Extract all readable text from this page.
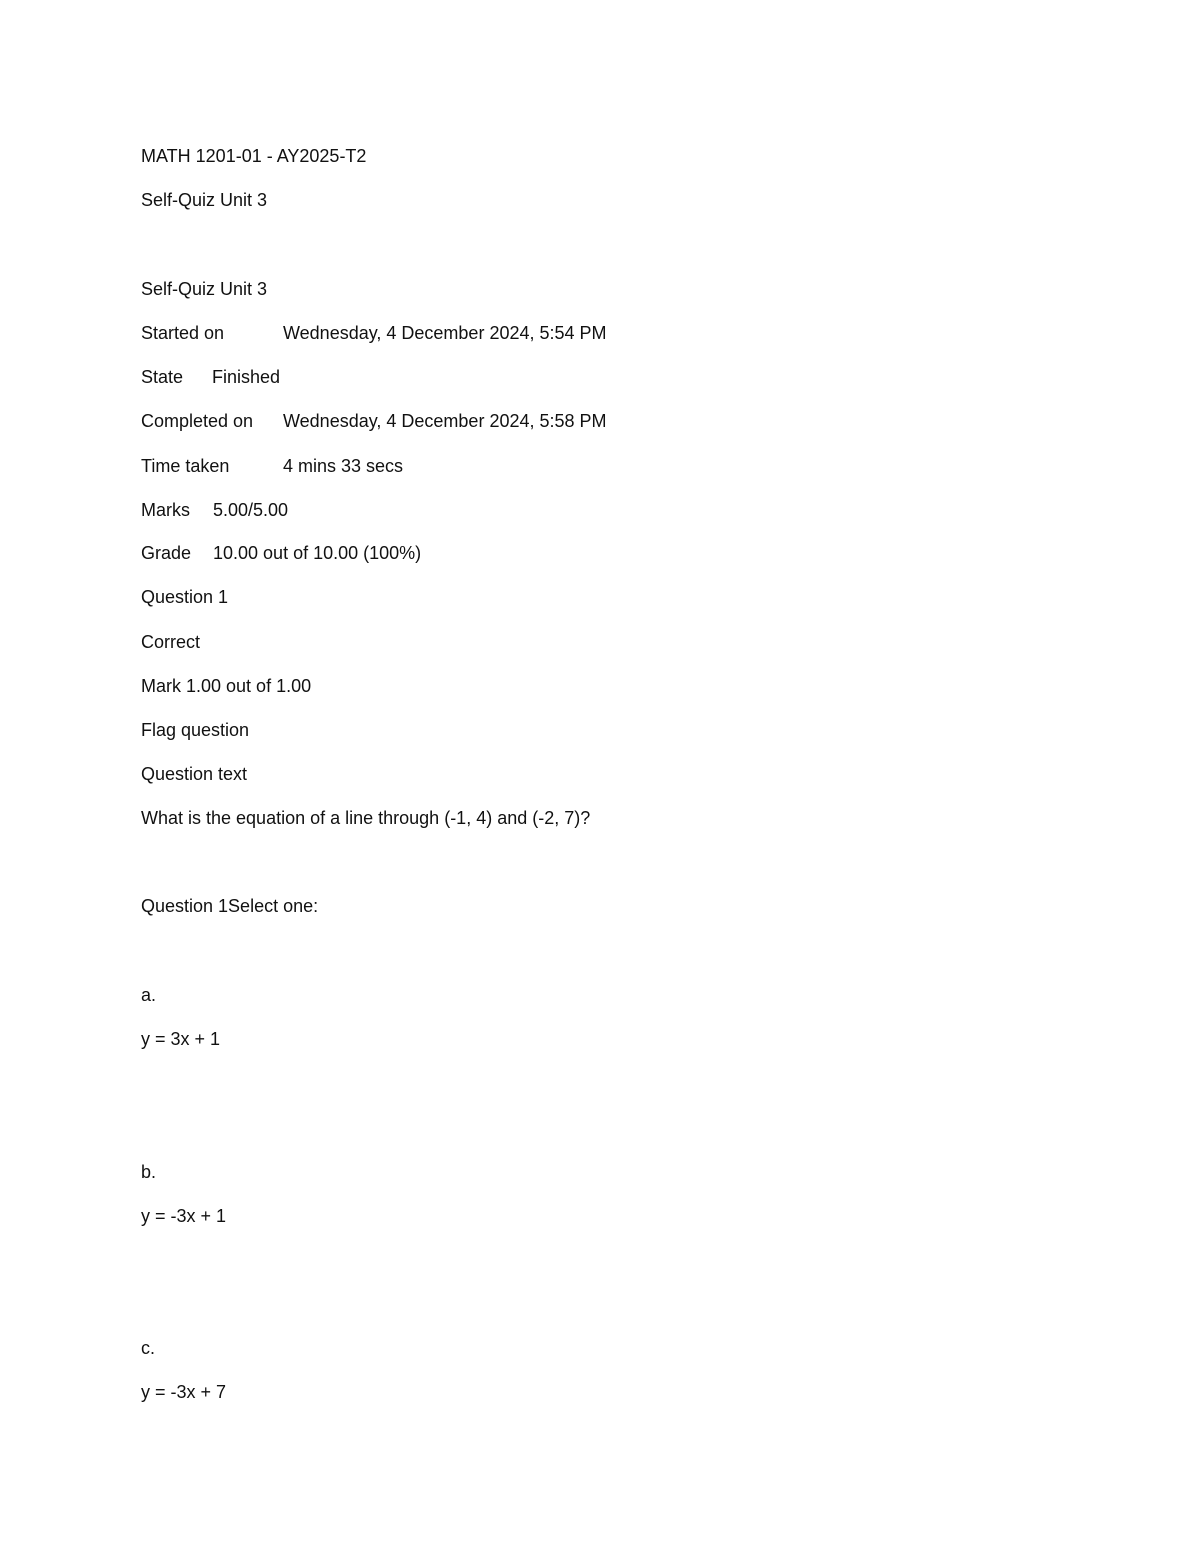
MATH 1201-01 - AY2025-T2
Self-Quiz Unit 3
Self-Quiz Unit 3
Started on	Wednesday, 4 December 2024, 5:54 PM
State Finished
Completed on Wednesday, 4 December 2024, 5:58 PM
Time taken	4 mins 33 secs
Marks 5.00/5.00
Grade 10.00 out of 10.00 (100%)
Question 1
Correct
Mark 1.00 out of 1.00
Flag question
Question text
What is the equation of a line through (-1, 4) and (-2, 7)?
Question 1Select one:
a.
y = 3x + 1
b.
y = -3x + 1
c.
y = -3x + 7
